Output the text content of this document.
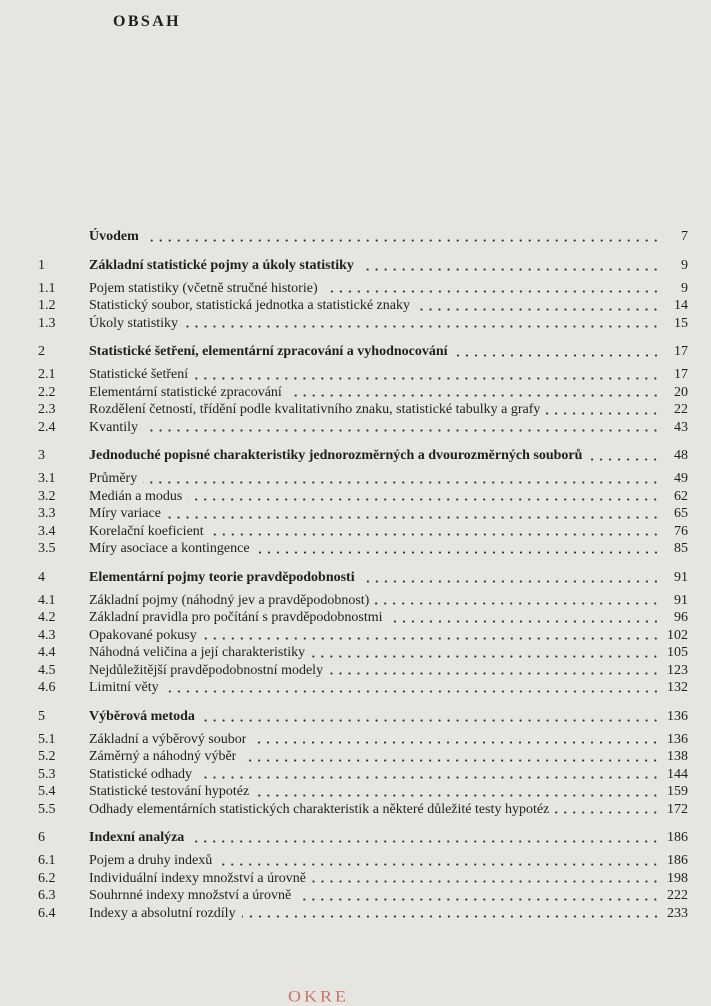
OBSAH
Úvodem	7
1	Základní statistické pojmy a úkoly statistiky	9
1.1	Pojem statistiky (včetně stručné historie)	9
1.2	Statistický soubor, statistická jednotka a statistické znaky	14
1.3	Úkoly statistiky	15
2	Statistické šetření, elementární zpracování a vyhodnocování	17
2.1	Statistické šetření	17
2.2	Elementární statistické zpracování	20
2.3	Rozdělení četností, třídění podle kvalitativního znaku, statistické tabulky a grafy	22
2.4	Kvantily	43
3	Jednoduché popisné charakteristiky jednorozměrných a dvourozměrných souborů	48
3.1	Průměry	49
3.2	Medián a modus	62
3.3	Míry variace	65
3.4	Korelační koeficient	76
3.5	Míry asociace a kontingence	85
4	Elementární pojmy teorie pravděpodobnosti	91
4.1	Základní pojmy (náhodný jev a pravděpodobnost)	91
4.2	Základní pravidla pro počítání s pravděpodobnostmi	96
4.3	Opakované pokusy	102
4.4	Náhodná veličina a její charakteristiky	105
4.5	Nejdůležitější pravděpodobnostní modely	123
4.6	Limitní věty	132
5	Výběrová metoda	136
5.1	Základní a výběrový soubor	136
5.2	Záměrný a náhodný výběr	138
5.3	Statistické odhady	144
5.4	Statistické testování hypotéz	159
5.5	Odhady elementárních statistických charakteristik a některé důležité testy hypotéz	172
6	Indexní analýza	186
6.1	Pojem a druhy indexů	186
6.2	Individuální indexy množství a úrovně	198
6.3	Souhrnné indexy množství a úrovně	222
6.4	Indexy a absolutní rozdíly	233
OKRE
